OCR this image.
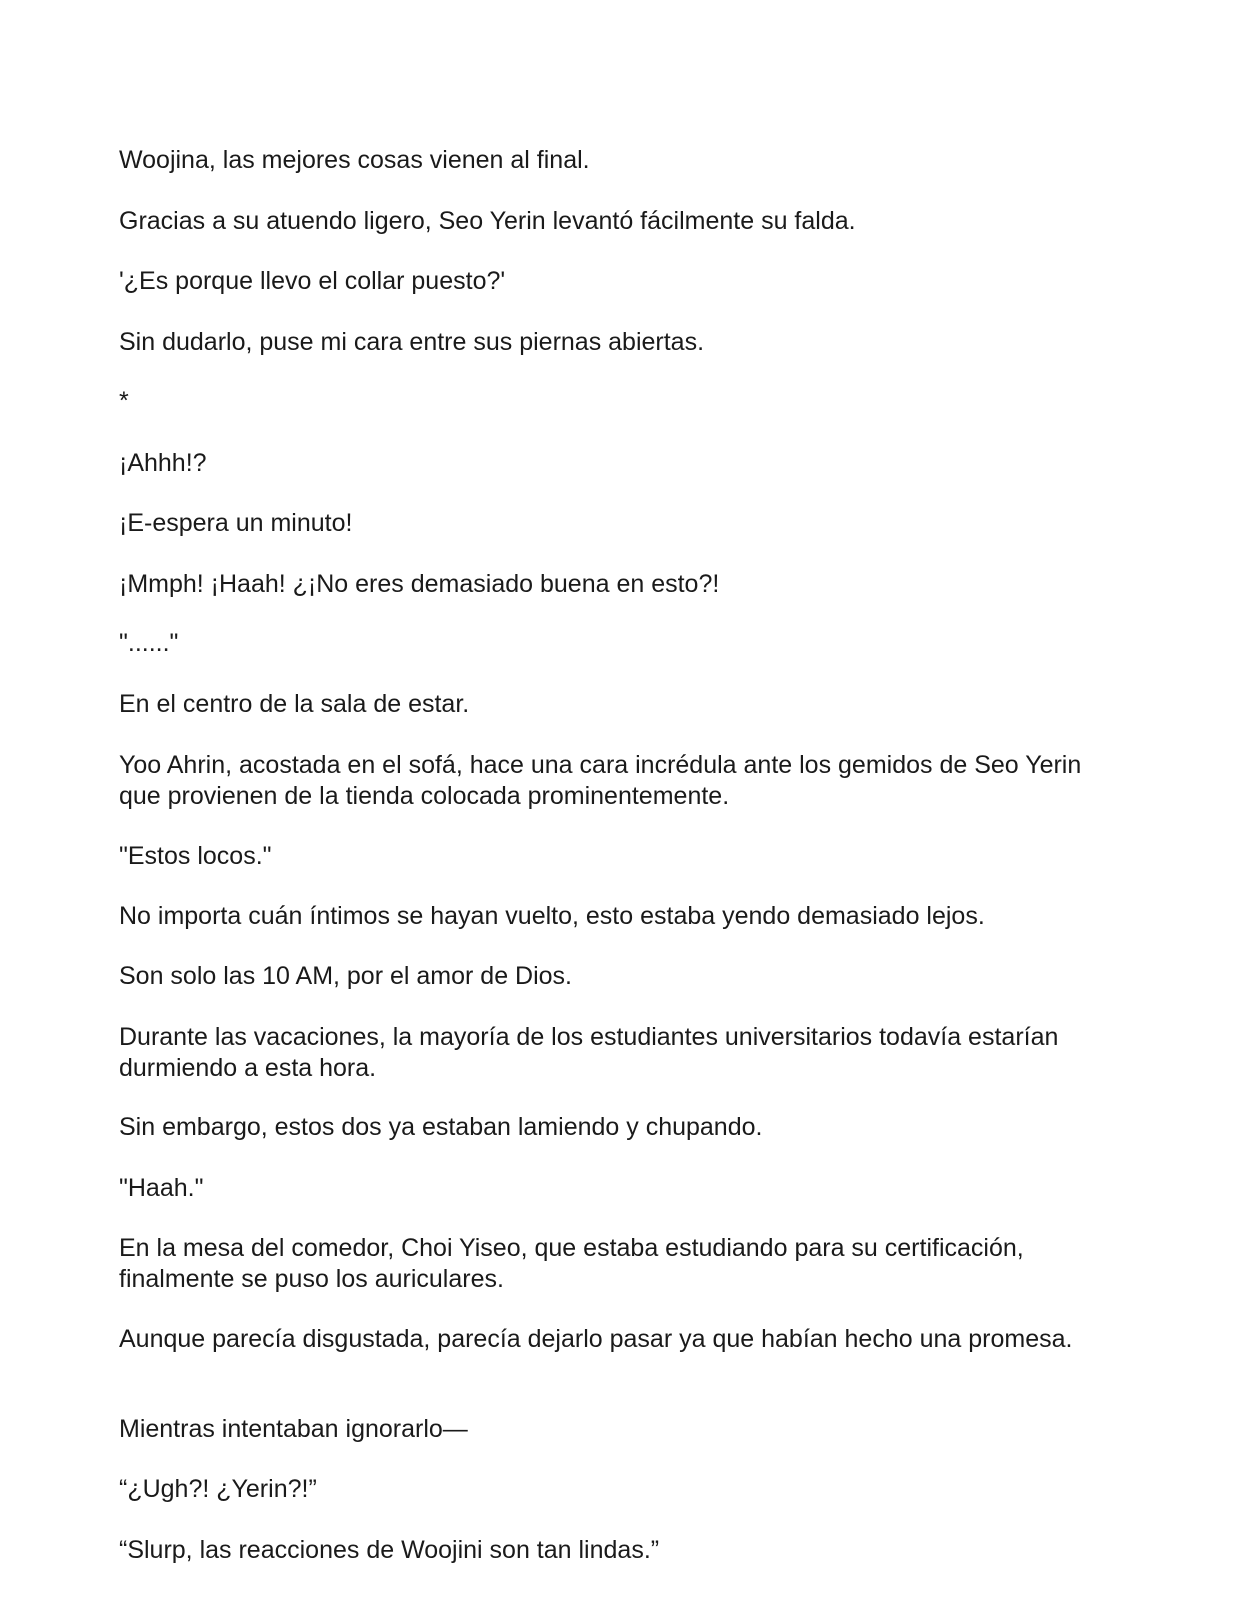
Woojina, las mejores cosas vienen al final.

Gracias a su atuendo ligero, Seo Yerin levantó fácilmente su falda.

'¿Es porque llevo el collar puesto?'

Sin dudarlo, puse mi cara entre sus piernas abiertas.

*

¡Ahhh!?

¡E-espera un minuto!

¡Mmph! ¡Haah! ¿¡No eres demasiado buena en esto?!

"......"

En el centro de la sala de estar.

Yoo Ahrin, acostada en el sofá, hace una cara incrédula ante los gemidos de Seo Yerin que provienen de la tienda colocada prominentemente.

"Estos locos."

No importa cuán íntimos se hayan vuelto, esto estaba yendo demasiado lejos.

Son solo las 10 AM, por el amor de Dios.

Durante las vacaciones, la mayoría de los estudiantes universitarios todavía estarían durmiendo a esta hora.

Sin embargo, estos dos ya estaban lamiendo y chupando.

"Haah."

En la mesa del comedor, Choi Yiseo, que estaba estudiando para su certificación, finalmente se puso los auriculares.

Aunque parecía disgustada, parecía dejarlo pasar ya que habían hecho una promesa.

Mientras intentaban ignorarlo—

“¿Ugh?! ¿Yerin?!”

“Slurp, las reacciones de Woojini son tan lindas.”
